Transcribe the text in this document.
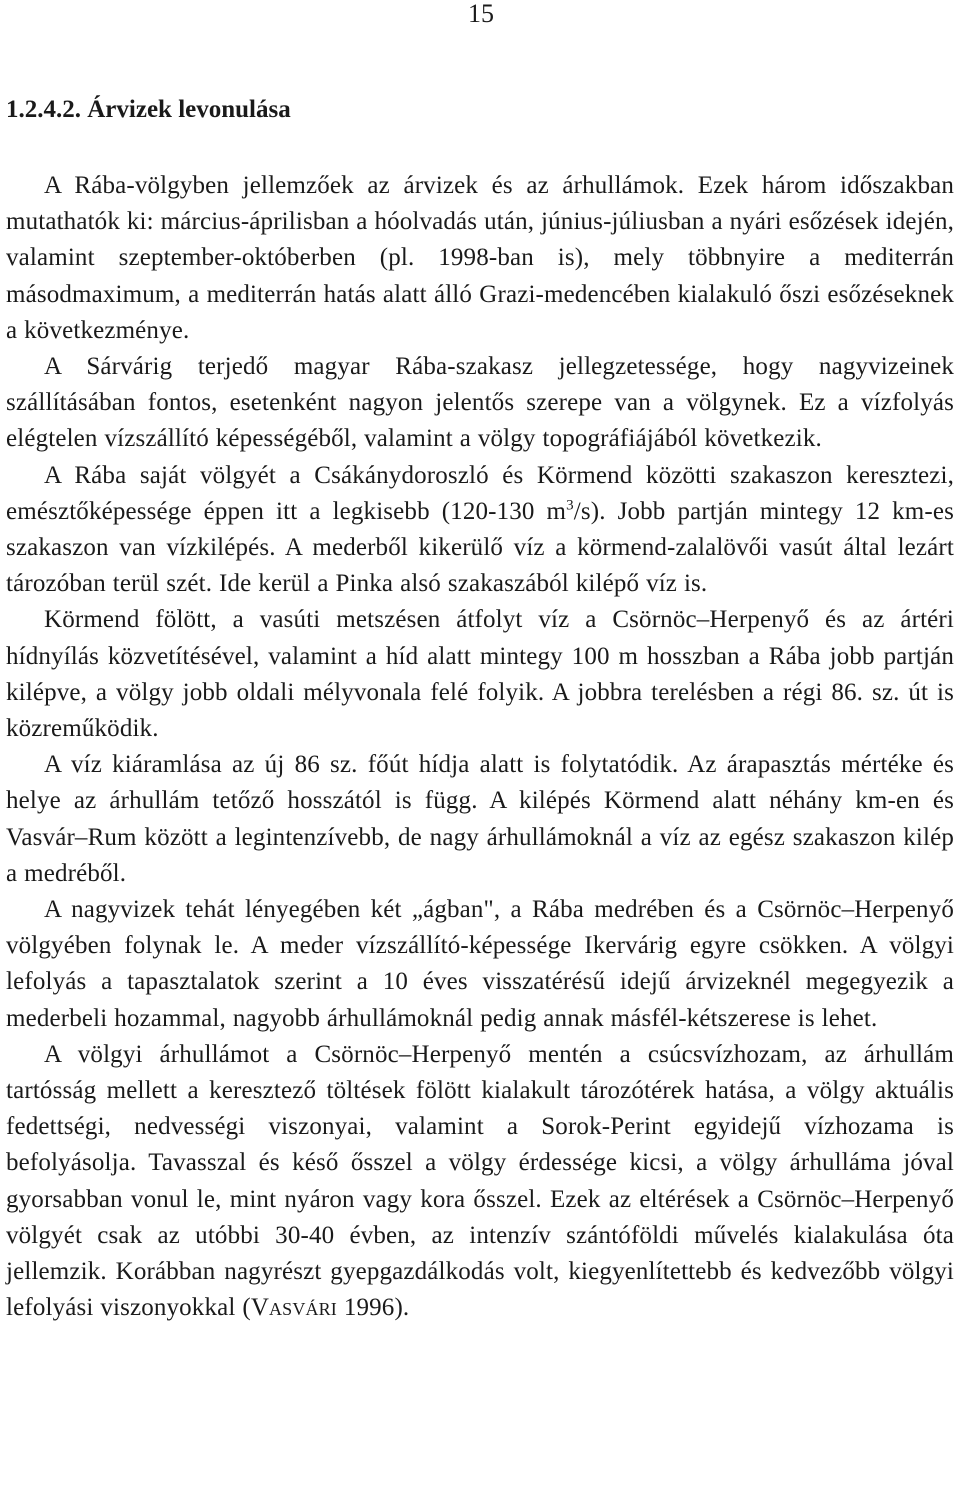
15
1.2.4.2. Árvizek levonulása

A Rába-völgyben jellemzőek az árvizek és az árhullámok. Ezek három időszakban mutathatók ki: március-áprilisban a hóolvadás után, június-júliusban a nyári esőzések idején, valamint szeptember-októberben (pl. 1998-ban is), mely többnyire a mediterrán másodmaximum, a mediterrán hatás alatt álló Grazi-medencében kialakuló őszi esőzéseknek a következménye.

A Sárvárig terjedő magyar Rába-szakasz jellegzetessége, hogy nagyvizeinek szállításában fontos, esetenként nagyon jelentős szerepe van a völgynek. Ez a vízfolyás elégtelen vízszállító képességéből, valamint a völgy topográfiájából következik.

A Rába saját völgyét a Csákánydoroszló és Körmend közötti szakaszon keresztezi, emésztőképessége éppen itt a legkisebb (120-130 $m^3/s$). Jobb partján mintegy 12 km-es szakaszon van vízkilépés. A mederből kikerülő víz a körmend-zalalövői vasút által lezárt tározóban terül szét. Ide kerül a Pinka alsó szakaszából kilépő víz is.

Körmend fölött, a vasúti metszésen átfolyt víz a Csörnöc–Herpenyő és az ártéri hídnyílás közvetítésével, valamint a híd alatt mintegy 100 m hosszban a Rába jobb partján kilépve, a völgy jobb oldali mélyvonala felé folyik. A jobbra terelésben a régi 86. sz. út is közreműködik.

A víz kiáramlása az új 86 sz. főút hídja alatt is folytatódik. Az árapasztás mértéke és helye az árhullám tetőző hosszától is függ. A kilépés Körmend alatt néhány km-en és Vasvár–Rum között a legintenzívebb, de nagy árhullámoknál a víz az egész szakaszon kilép a medréből.

A nagyvizek tehát lényegében két „ágban", a Rába medrében és a Csörnöc–Herpenyő völgyében folynak le. A meder vízszállító-képessége Ikervárig egyre csökken. A völgyi lefolyás a tapasztalatok szerint a 10 éves visszatérésű idejű árvizeknél megegyezik a mederbeli hozammal, nagyobb árhullámoknál pedig annak másfél-kétszerese is lehet.

A völgyi árhullámot a Csörnöc–Herpenyő mentén a csúcsvízhozam, az árhullám tartósság mellett a keresztező töltések fölött kialakult tározótérek hatása, a völgy aktuális fedettségi, nedvességi viszonyai, valamint a Sorok-Perint egyidejű vízhozama is befolyásolja. Tavasszal és késő ősszel a völgy érdessége kicsi, a völgy árhulláma jóval gyorsabban vonul le, mint nyáron vagy kora ősszel. Ezek az eltérések a Csörnöc–Herpenyő völgyét csak az utóbbi 30-40 évben, az intenzív szántóföldi művelés kialakulása óta jellemzik. Korábban nagyrészt gyepgazdálkodás volt, kiegyenlítettebb és kedvezőbb völgyi lefolyási viszonyokkal (Vasvári 1996).
